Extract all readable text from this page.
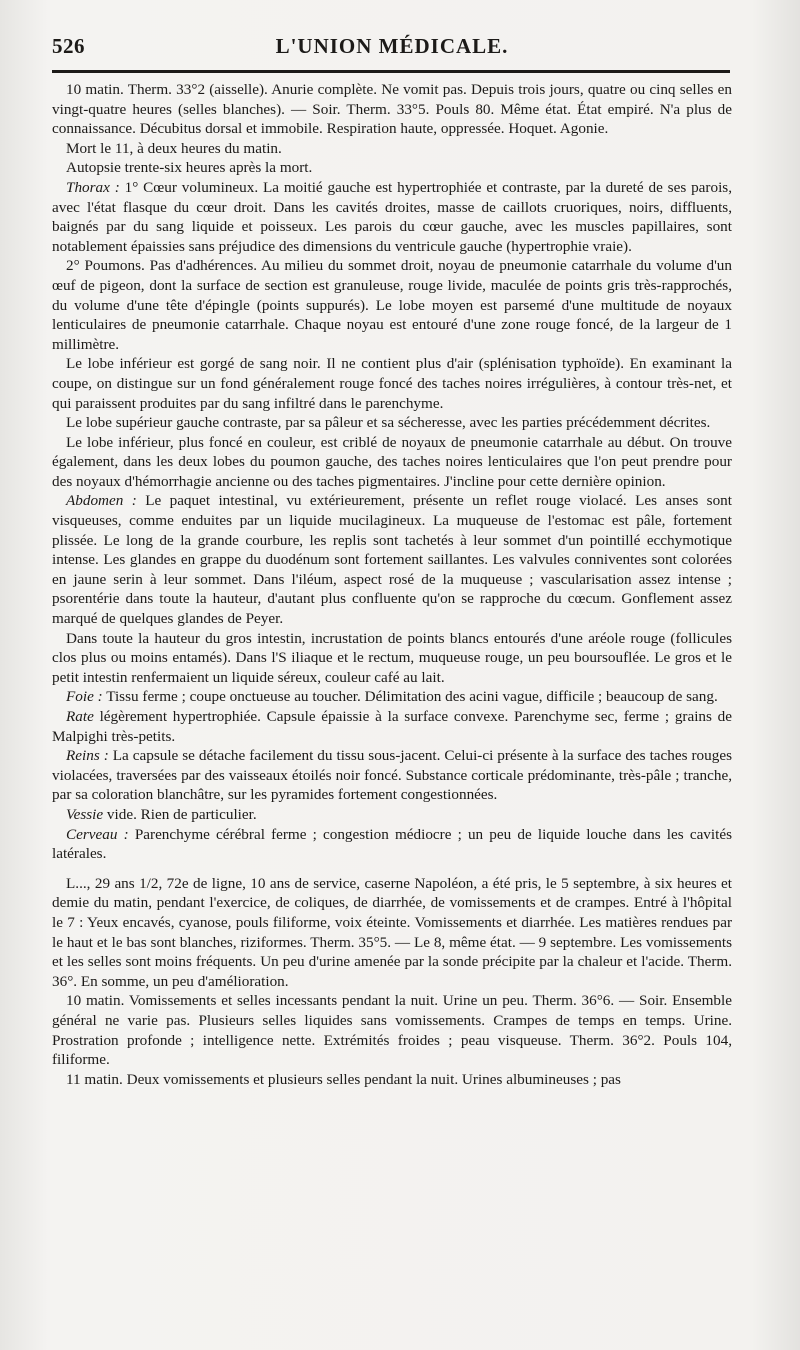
526	L'UNION MÉDICALE.

10 matin. Therm. 33°2 (aisselle). Anurie complète. Ne vomit pas. Depuis trois jours, quatre ou cinq selles en vingt-quatre heures (selles blanches). — Soir. Therm. 33°5. Pouls 80. Même état. État empiré. N'a plus de connaissance. Décubitus dorsal et immobile. Respiration haute, oppressée. Hoquet. Agonie.

Mort le 11, à deux heures du matin.

Autopsie trente-six heures après la mort.

Thorax : 1° Cœur volumineux. La moitié gauche est hypertrophiée et contraste, par la dureté de ses parois, avec l'état flasque du cœur droit. Dans les cavités droites, masse de caillots cruoriques, noirs, diffluents, baignés par du sang liquide et poisseux. Les parois du cœur gauche, avec les muscles papillaires, sont notablement épaissies sans préjudice des dimensions du ventricule gauche (hypertrophie vraie).

2° Poumons. Pas d'adhérences. Au milieu du sommet droit, noyau de pneumonie catarrhale du volume d'un œuf de pigeon, dont la surface de section est granuleuse, rouge livide, maculée de points gris très-rapprochés, du volume d'une tête d'épingle (points suppurés). Le lobe moyen est parsemé d'une multitude de noyaux lenticulaires de pneumonie catarrhale. Chaque noyau est entouré d'une zone rouge foncé, de la largeur de 1 millimètre.

Le lobe inférieur est gorgé de sang noir. Il ne contient plus d'air (splénisation typhoïde). En examinant la coupe, on distingue sur un fond généralement rouge foncé des taches noires irrégulières, à contour très-net, et qui paraissent produites par du sang infiltré dans le parenchyme.

Le lobe supérieur gauche contraste, par sa pâleur et sa sécheresse, avec les parties précédemment décrites.

Le lobe inférieur, plus foncé en couleur, est criblé de noyaux de pneumonie catarrhale au début. On trouve également, dans les deux lobes du poumon gauche, des taches noires lenticulaires que l'on peut prendre pour des noyaux d'hémorrhagie ancienne ou des taches pigmentaires. J'incline pour cette dernière opinion.

Abdomen : Le paquet intestinal, vu extérieurement, présente un reflet rouge violacé. Les anses sont visqueuses, comme enduites par un liquide mucilagineux. La muqueuse de l'estomac est pâle, fortement plissée. Le long de la grande courbure, les replis sont tachetés à leur sommet d'un pointillé ecchymotique intense. Les glandes en grappe du duodénum sont fortement saillantes. Les valvules conniventes sont colorées en jaune serin à leur sommet. Dans l'iléum, aspect rosé de la muqueuse ; vascularisation assez intense ; psorentérie dans toute la hauteur, d'autant plus confluente qu'on se rapproche du cœcum. Gonflement assez marqué de quelques glandes de Peyer.

Dans toute la hauteur du gros intestin, incrustation de points blancs entourés d'une aréole rouge (follicules clos plus ou moins entamés). Dans l'S iliaque et le rectum, muqueuse rouge, un peu boursouflée. Le gros et le petit intestin renfermaient un liquide séreux, couleur café au lait.

Foie : Tissu ferme ; coupe onctueuse au toucher. Délimitation des acini vague, difficile ; beaucoup de sang.

Rate légèrement hypertrophiée. Capsule épaissie à la surface convexe. Parenchyme sec, ferme ; grains de Malpighi très-petits.

Reins : La capsule se détache facilement du tissu sous-jacent. Celui-ci présente à la surface des taches rouges violacées, traversées par des vaisseaux étoilés noir foncé. Substance corticale prédominante, très-pâle ; tranche, par sa coloration blanchâtre, sur les pyramides fortement congestionnées.

Vessie vide. Rien de particulier.

Cerveau : Parenchyme cérébral ferme ; congestion médiocre ; un peu de liquide louche dans les cavités latérales.

L..., 29 ans 1/2, 72e de ligne, 10 ans de service, caserne Napoléon, a été pris, le 5 septembre, à six heures et demie du matin, pendant l'exercice, de coliques, de diarrhée, de vomissements et de crampes. Entré à l'hôpital le 7 : Yeux encavés, cyanose, pouls filiforme, voix éteinte. Vomissements et diarrhée. Les matières rendues par le haut et le bas sont blanches, riziformes. Therm. 35°5. — Le 8, même état. — 9 septembre. Les vomissements et les selles sont moins fréquents. Un peu d'urine amenée par la sonde précipite par la chaleur et l'acide. Therm. 36°. En somme, un peu d'amélioration.

10 matin. Vomissements et selles incessants pendant la nuit. Urine un peu. Therm. 36°6. — Soir. Ensemble général ne varie pas. Plusieurs selles liquides sans vomissements. Crampes de temps en temps. Urine. Prostration profonde ; intelligence nette. Extrémités froides ; peau visqueuse. Therm. 36°2. Pouls 104, filiforme.

11 matin. Deux vomissements et plusieurs selles pendant la nuit. Urines albumineuses ; pas
